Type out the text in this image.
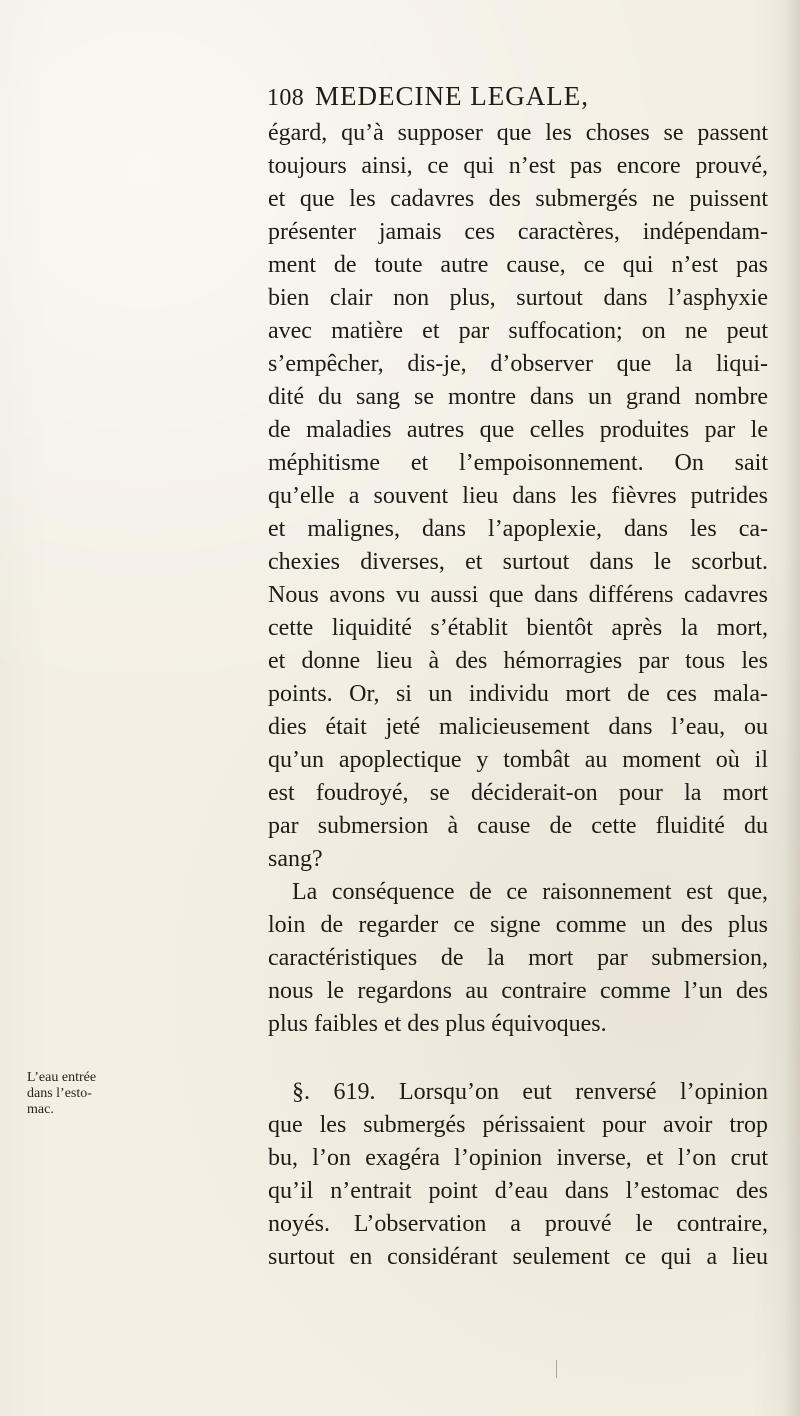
108 MEDECINE LEGALE,
égard, qu’à supposer que les choses se passent
toujours ainsi, ce qui n’est pas encore prouvé,
et que les cadavres des submergés ne puissent
présenter jamais ces caractères, indépendam-
ment de toute autre cause, ce qui n’est pas
bien clair non plus, surtout dans l’asphyxie
avec matière et par suffocation; on ne peut
s’empêcher, dis-je, d’observer que la liqui-
dité du sang se montre dans un grand nombre
de maladies autres que celles produites par le
méphitisme et l’empoisonnement. On sait
qu’elle a souvent lieu dans les fièvres putrides
et malignes, dans l’apoplexie, dans les ca-
chexies diverses, et surtout dans le scorbut.
Nous avons vu aussi que dans différens cadavres
cette liquidité s’établit bientôt après la mort,
et donne lieu à des hémorragies par tous les
points. Or, si un individu mort de ces mala-
dies était jeté malicieusement dans l’eau, ou
qu’un apoplectique y tombât au moment où il
est foudroyé, se déciderait-on pour la mort
par submersion à cause de cette fluidité du
sang?
La conséquence de ce raisonnement est que,
loin de regarder ce signe comme un des plus
caractéristiques de la mort par submersion,
nous le regardons au contraire comme l’un des
plus faibles et des plus équivoques.
§. 619. Lorsqu’on eut renversé l’opinion
que les submergés périssaient pour avoir trop
bu, l’on exagéra l’opinion inverse, et l’on crut
qu’il n’entrait point d’eau dans l’estomac des
noyés. L’observation a prouvé le contraire,
surtout en considérant seulement ce qui a lieu
L’eau entrée
dans l’esto-
mac.
